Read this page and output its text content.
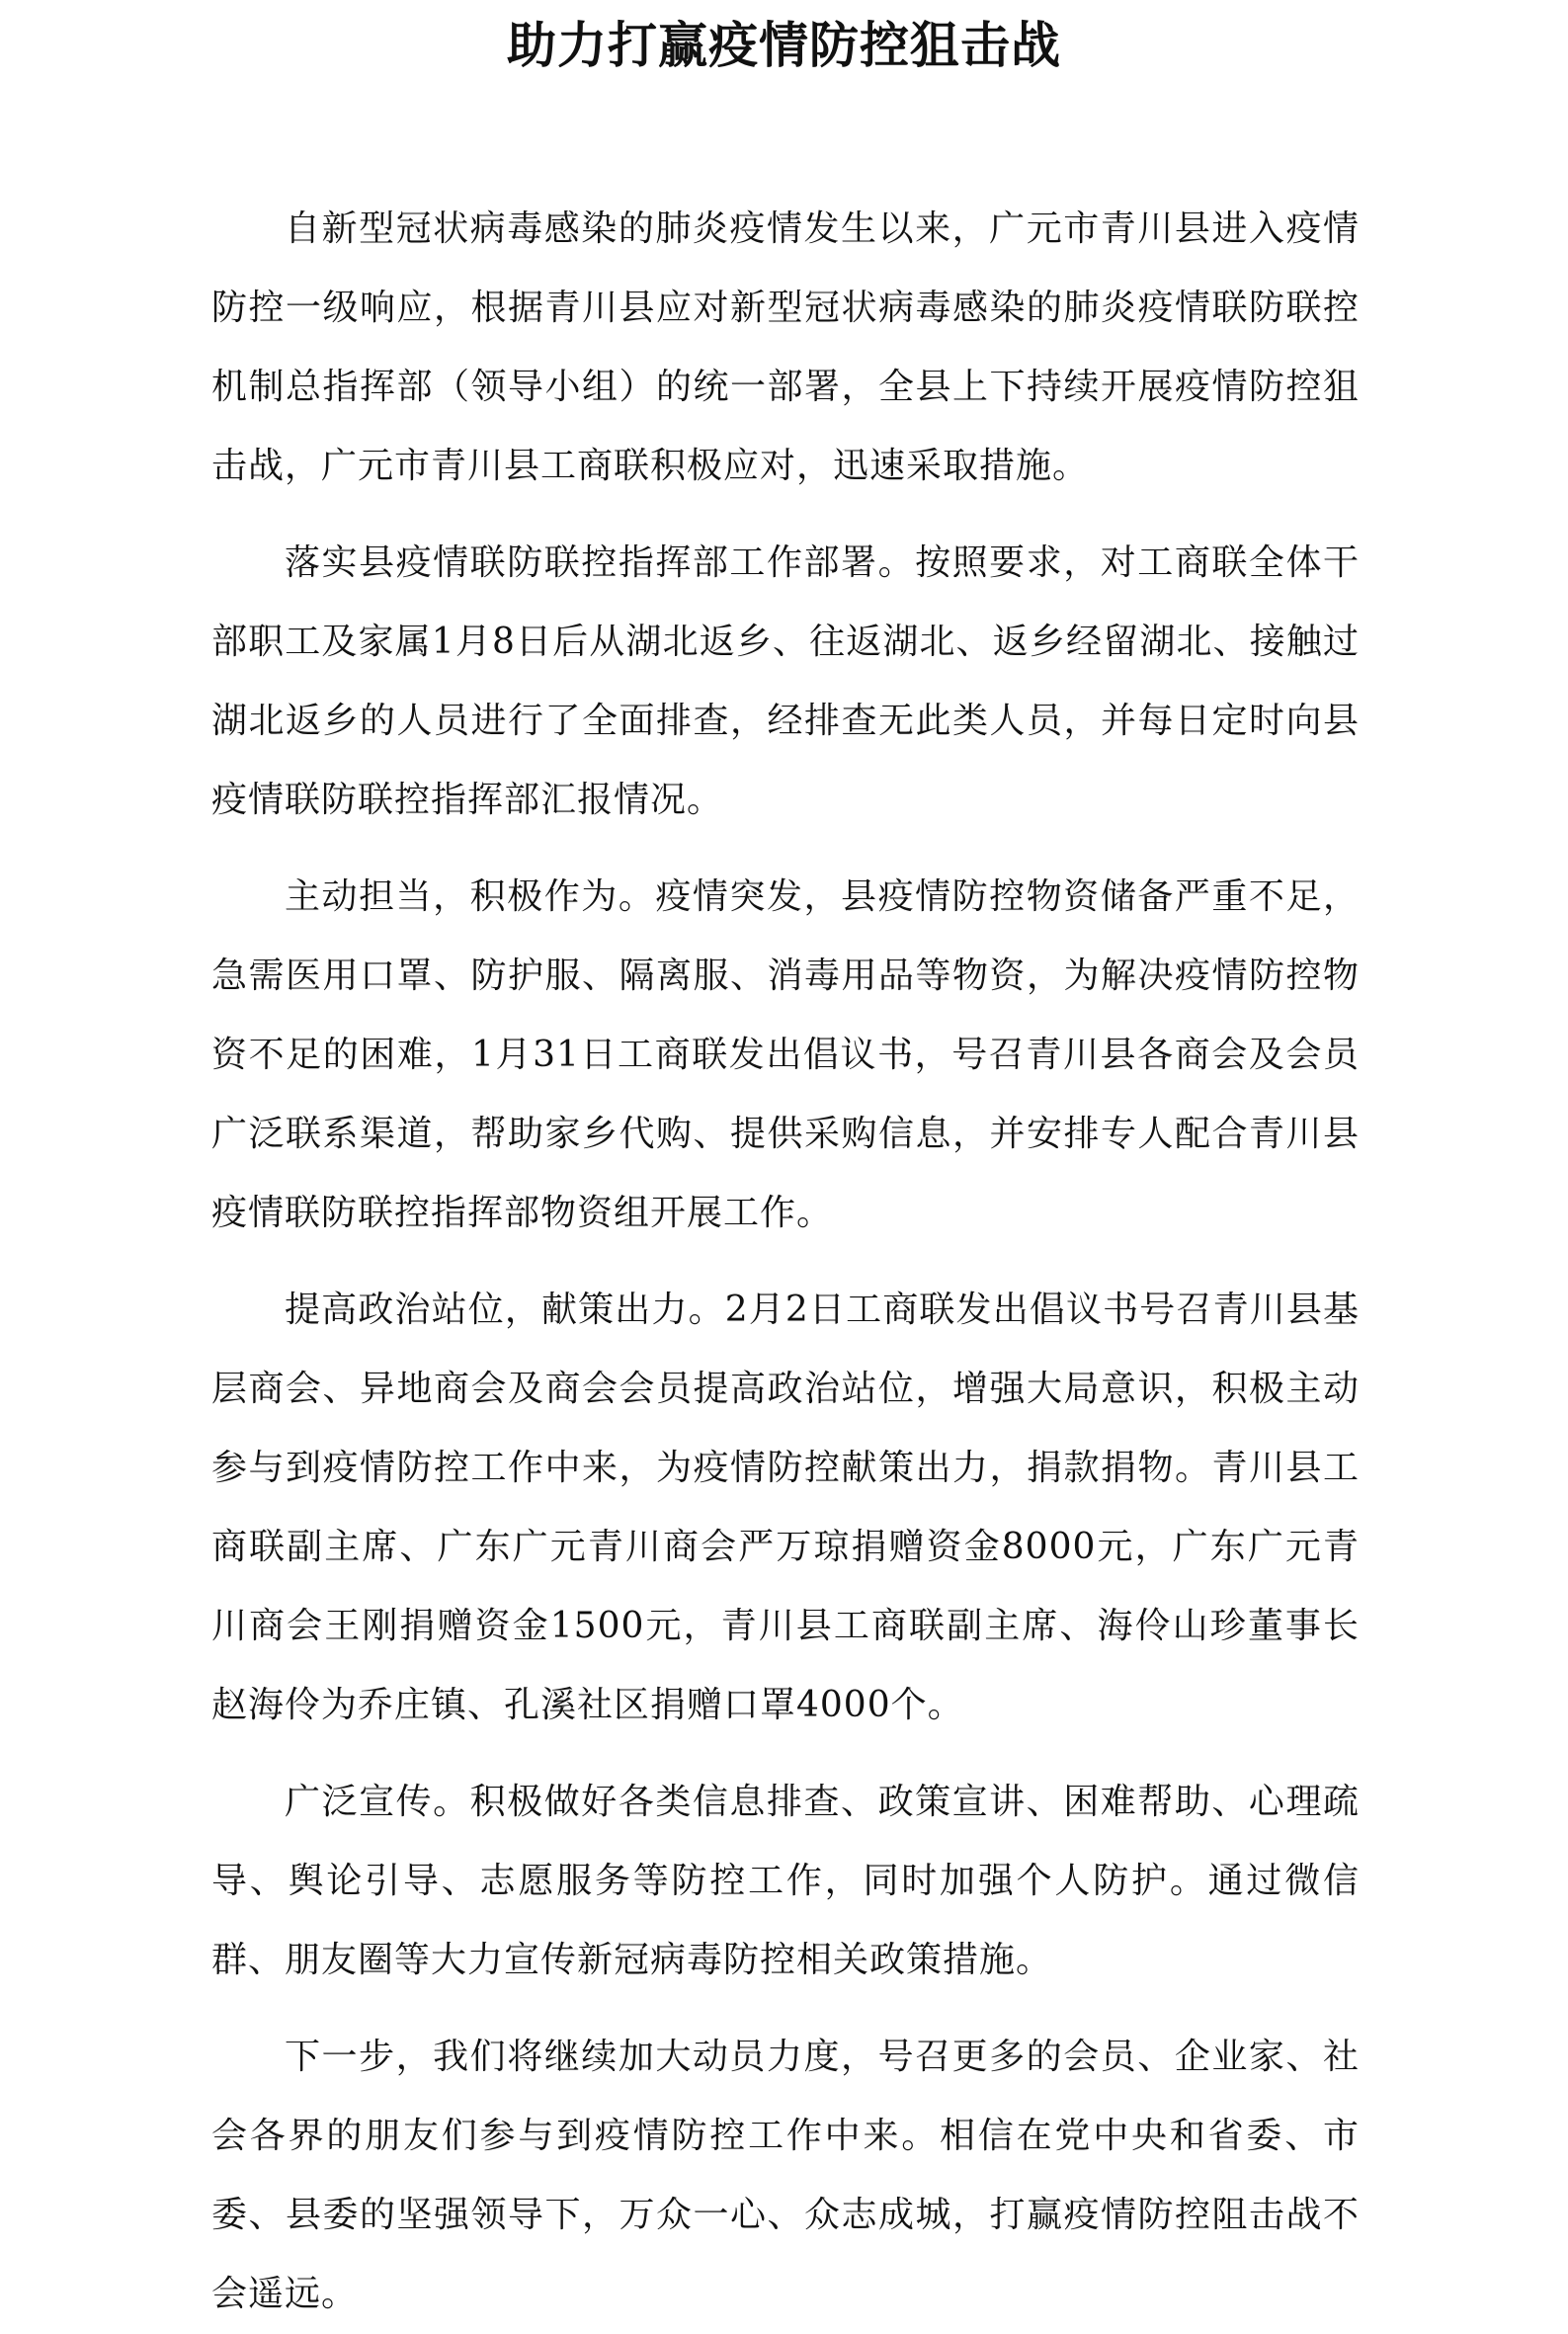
助力打赢疫情防控狙击战

自新型冠状病毒感染的肺炎疫情发生以来，广元市青川县进入疫情防控一级响应，根据青川县应对新型冠状病毒感染的肺炎疫情联防联控机制总指挥部（领导小组）的统一部署，全县上下持续开展疫情防控狙击战，广元市青川县工商联积极应对，迅速采取措施。

落实县疫情联防联控指挥部工作部署。按照要求，对工商联全体干部职工及家属1月8日后从湖北返乡、往返湖北、返乡经留湖北、接触过湖北返乡的人员进行了全面排查，经排查无此类人员，并每日定时向县疫情联防联控指挥部汇报情况。

主动担当，积极作为。疫情突发，县疫情防控物资储备严重不足，急需医用口罩、防护服、隔离服、消毒用品等物资，为解决疫情防控物资不足的困难，1月31日工商联发出倡议书，号召青川县各商会及会员广泛联系渠道，帮助家乡代购、提供采购信息，并安排专人配合青川县疫情联防联控指挥部物资组开展工作。

提高政治站位，献策出力。2月2日工商联发出倡议书号召青川县基层商会、异地商会及商会会员提高政治站位，增强大局意识，积极主动参与到疫情防控工作中来，为疫情防控献策出力，捐款捐物。青川县工商联副主席、广东广元青川商会严万琼捐赠资金8000元，广东广元青川商会王刚捐赠资金1500元，青川县工商联副主席、海伶山珍董事长赵海伶为乔庄镇、孔溪社区捐赠口罩4000个。

广泛宣传。积极做好各类信息排查、政策宣讲、困难帮助、心理疏导、舆论引导、志愿服务等防控工作，同时加强个人防护。通过微信群、朋友圈等大力宣传新冠病毒防控相关政策措施。

下一步，我们将继续加大动员力度，号召更多的会员、企业家、社会各界的朋友们参与到疫情防控工作中来。相信在党中央和省委、市委、县委的坚强领导下，万众一心、众志成城，打赢疫情防控阻击战不会遥远。
